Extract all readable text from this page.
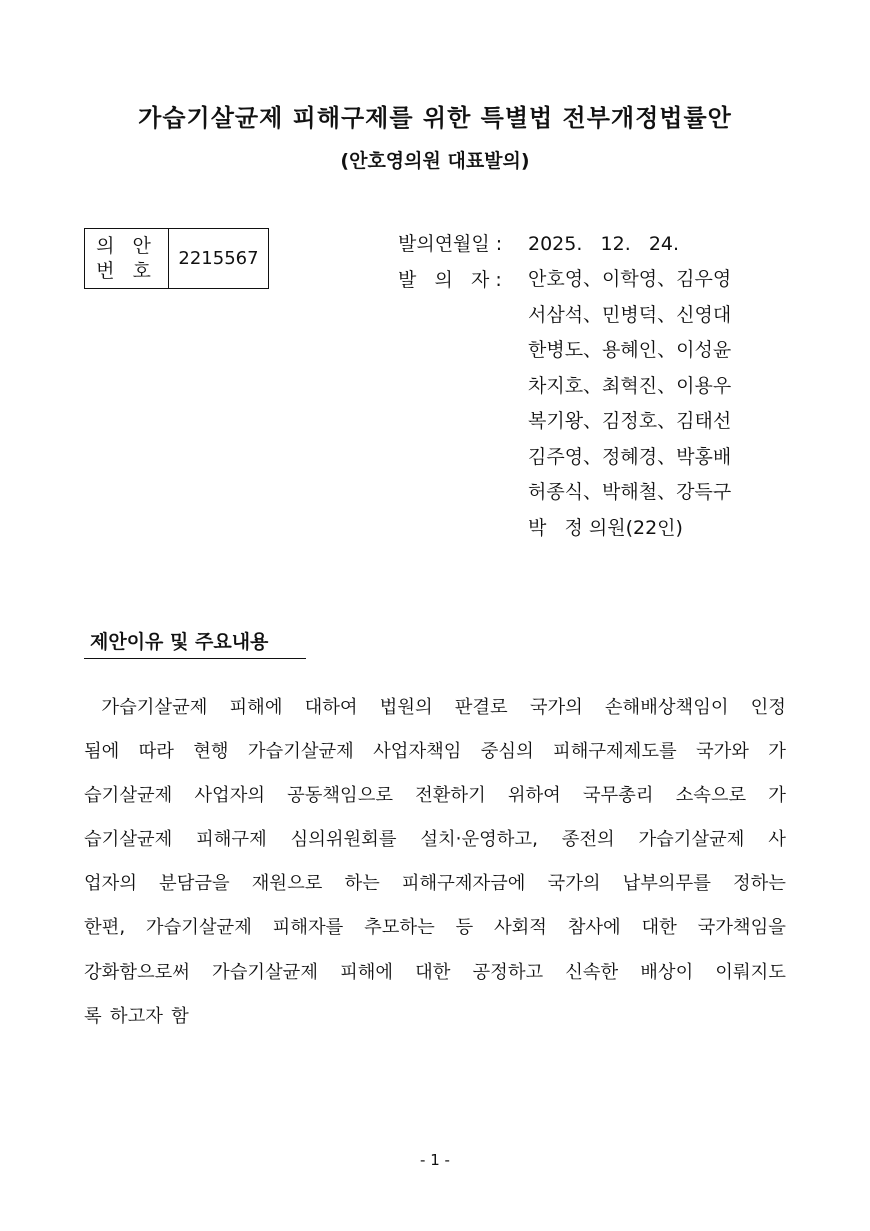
가습기살균제 피해구제를 위한 특별법 전부개정법률안
(안호영의원 대표발의)
의 안
번 호
2215567
발의연월일 :	2025.   12.   24.
발   의   자 :	안호영、이학영、김우영
서삼석、민병덕、신영대
한병도、용혜인、이성윤
차지호、최혁진、이용우
복기왕、김정호、김태선
김주영、정혜경、박홍배
허종식、박해철、강득구
박   정 의원(22인)
제안이유 및 주요내용
가습기살균제 피해에 대하여 법원의 판결로 국가의 손해배상책임이 인정
됨에 따라 현행 가습기살균제 사업자책임 중심의 피해구제제도를 국가와 가
습기살균제 사업자의 공동책임으로 전환하기 위하여 국무총리 소속으로 가
습기살균제 피해구제 심의위원회를 설치·운영하고, 종전의 가습기살균제 사
업자의 분담금을 재원으로 하는 피해구제자금에 국가의 납부의무를 정하는
한편, 가습기살균제 피해자를 추모하는 등 사회적 참사에 대한 국가책임을
강화함으로써 가습기살균제 피해에 대한 공정하고 신속한 배상이 이뤄지도
록 하고자 함
- 1 -
